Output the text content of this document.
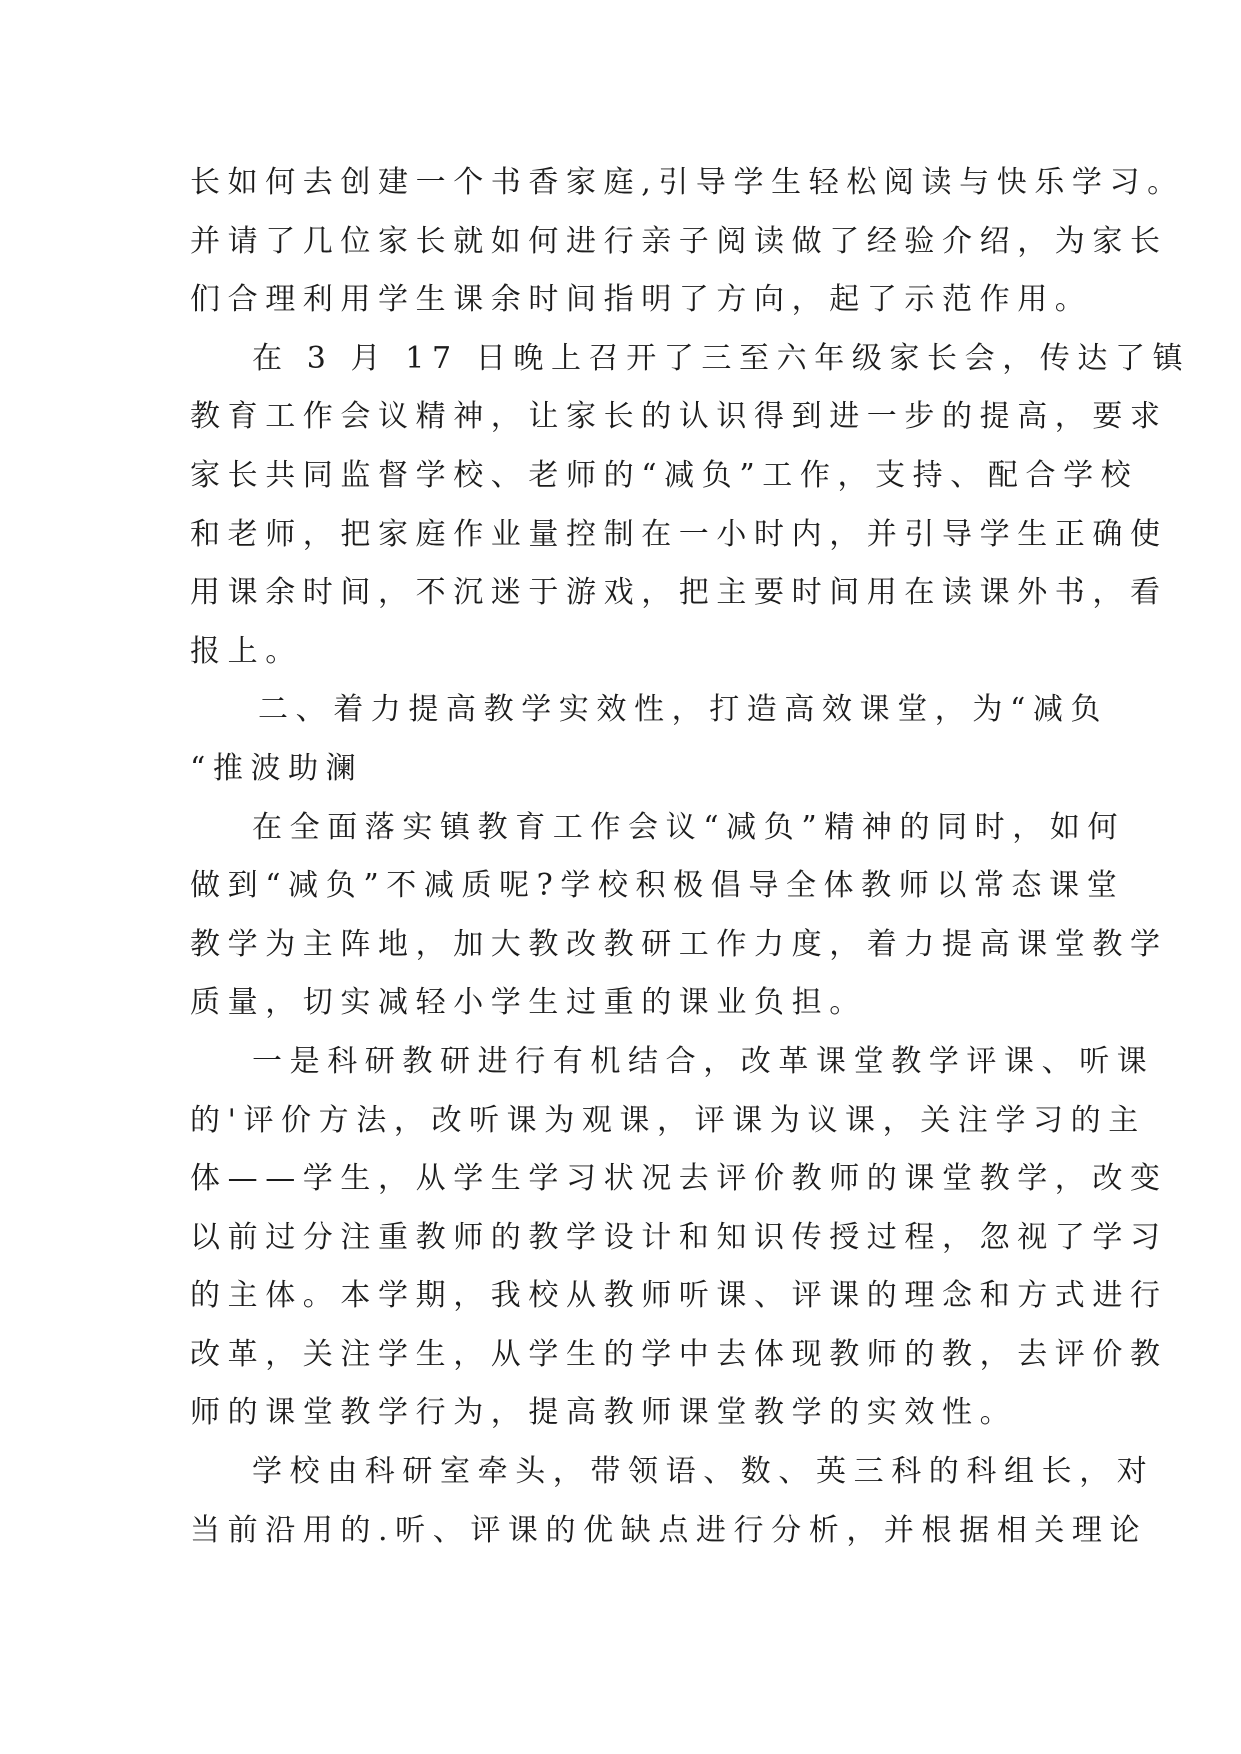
长如何去创建一个书香家庭,引导学生轻松阅读与快乐学习。
并请了几位家长就如何进行亲子阅读做了经验介绍，为家长
们合理利用学生课余时间指明了方向，起了示范作用。
在 3 月 17 日晚上召开了三至六年级家长会，传达了镇
教育工作会议精神，让家长的认识得到进一步的提高，要求
家长共同监督学校、老师的“减负”工作，支持、配合学校
和老师，把家庭作业量控制在一小时内，并引导学生正确使
用课余时间，不沉迷于游戏，把主要时间用在读课外书，看
报上。
二、着力提高教学实效性，打造高效课堂，为“减负
“推波助澜
在全面落实镇教育工作会议“减负”精神的同时，如何
做到“减负”不减质呢?学校积极倡导全体教师以常态课堂
教学为主阵地，加大教改教研工作力度，着力提高课堂教学
质量，切实减轻小学生过重的课业负担。
一是科研教研进行有机结合，改革课堂教学评课、听课
的'评价方法，改听课为观课，评课为议课，关注学习的主
体——学生，从学生学习状况去评价教师的课堂教学，改变
以前过分注重教师的教学设计和知识传授过程，忽视了学习
的主体。本学期，我校从教师听课、评课的理念和方式进行
改革，关注学生，从学生的学中去体现教师的教，去评价教
师的课堂教学行为，提高教师课堂教学的实效性。
学校由科研室牵头，带领语、数、英三科的科组长，对
当前沿用的.听、评课的优缺点进行分析，并根据相关理论
